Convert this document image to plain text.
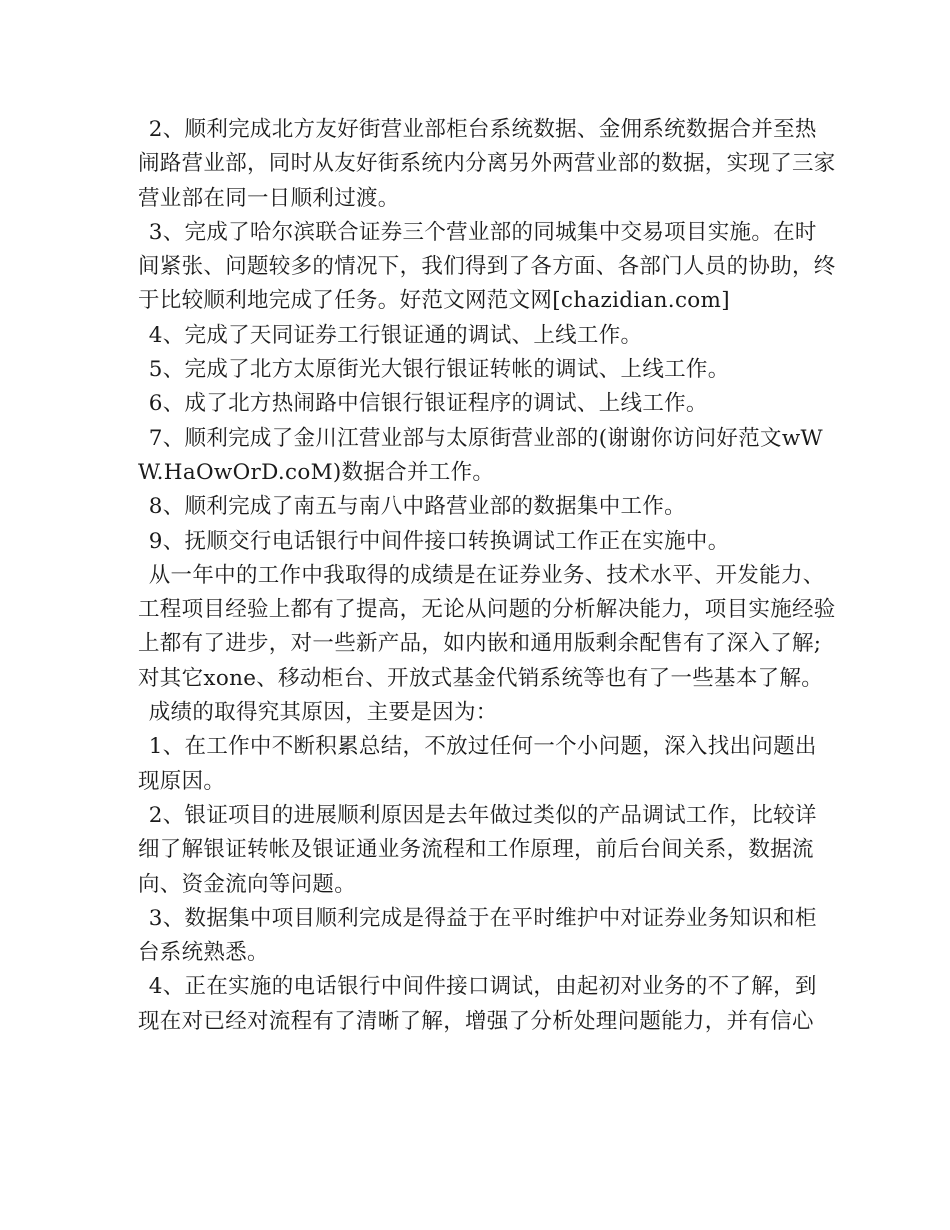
2、顺利完成北方友好街营业部柜台系统数据、金佣系统数据合并至热闹路营业部，同时从友好街系统内分离另外两营业部的数据，实现了三家营业部在同一日顺利过渡。

3、完成了哈尔滨联合证券三个营业部的同城集中交易项目实施。在时间紧张、问题较多的情况下，我们得到了各方面、各部门人员的协助，终于比较顺利地完成了任务。好范文网范文网[chazidian.com]

4、完成了天同证券工行银证通的调试、上线工作。

5、完成了北方太原街光大银行银证转帐的调试、上线工作。

6、成了北方热闹路中信银行银证程序的调试、上线工作。

7、顺利完成了金川江营业部与太原街营业部的(谢谢你访问好范文wWW.HaOwOrD.coM)数据合并工作。

8、顺利完成了南五与南八中路营业部的数据集中工作。

9、抚顺交行电话银行中间件接口转换调试工作正在实施中。

从一年中的工作中我取得的成绩是在证券业务、技术水平、开发能力、工程项目经验上都有了提高，无论从问题的分析解决能力，项目实施经验上都有了进步，对一些新产品，如内嵌和通用版剩余配售有了深入了解;对其它xone、移动柜台、开放式基金代销系统等也有了一些基本了解。

成绩的取得究其原因，主要是因为：

1、在工作中不断积累总结，不放过任何一个小问题，深入找出问题出现原因。

2、银证项目的进展顺利原因是去年做过类似的产品调试工作，比较详细了解银证转帐及银证通业务流程和工作原理，前后台间关系，数据流向、资金流向等问题。

3、数据集中项目顺利完成是得益于在平时维护中对证券业务知识和柜台系统熟悉。

4、正在实施的电话银行中间件接口调试，由起初对业务的不了解，到现在对已经对流程有了清晰了解，增强了分析处理问题能力，并有信心
